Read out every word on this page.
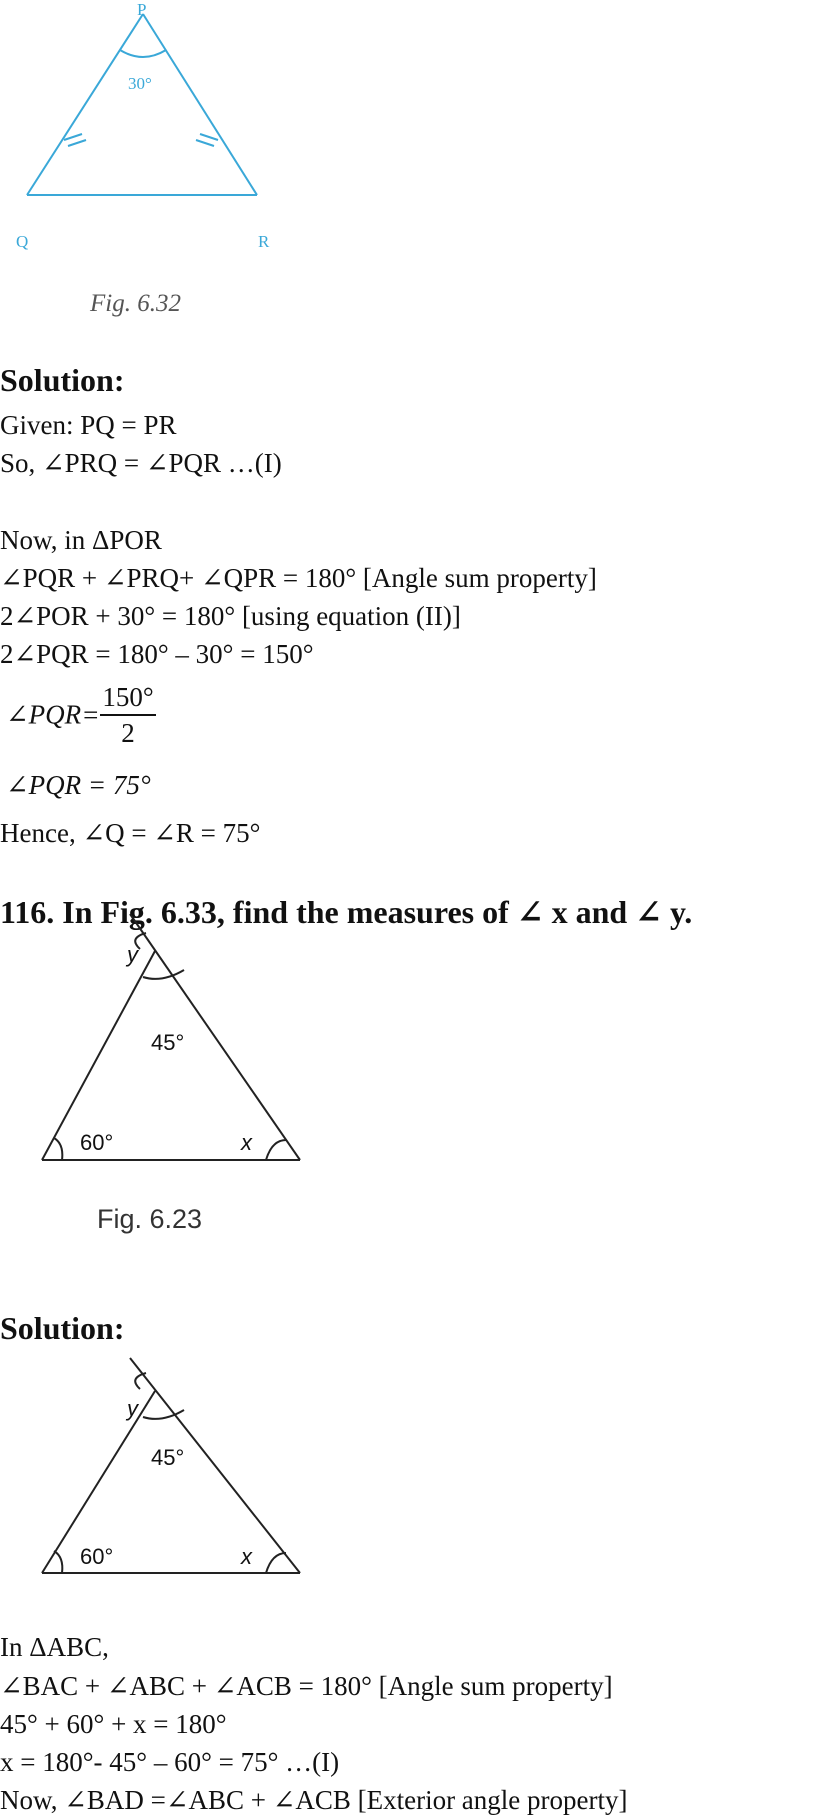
P
30°
Q	R
Fig. 6.32
Solution:
Given: PQ = PR
So, ∠PRQ = ∠PQR …(I)
Now, in ΔPOR
∠PQR + ∠PRQ+ ∠QPR = 180° [Angle sum property]
2∠POR + 30° = 180° [using equation (II)]
2∠PQR = 180° – 30° = 150°
∠PQR= $\frac{150^\circ}{2}$
∠PQR = 75°
Hence, ∠Q = ∠R = 75°
116. In Fig. 6.33, find the measures of ∠ x and ∠ y.
y
45°
60°	x
Fig. 6.23
Solution:
y
45°
60°	x
In ΔABC,
∠BAC + ∠ABC + ∠ACB = 180° [Angle sum property]
45° + 60° + x = 180°
x = 180°- 45° – 60° = 75° …(I)
Now, ∠BAD =∠ABC + ∠ACB [Exterior angle property]
